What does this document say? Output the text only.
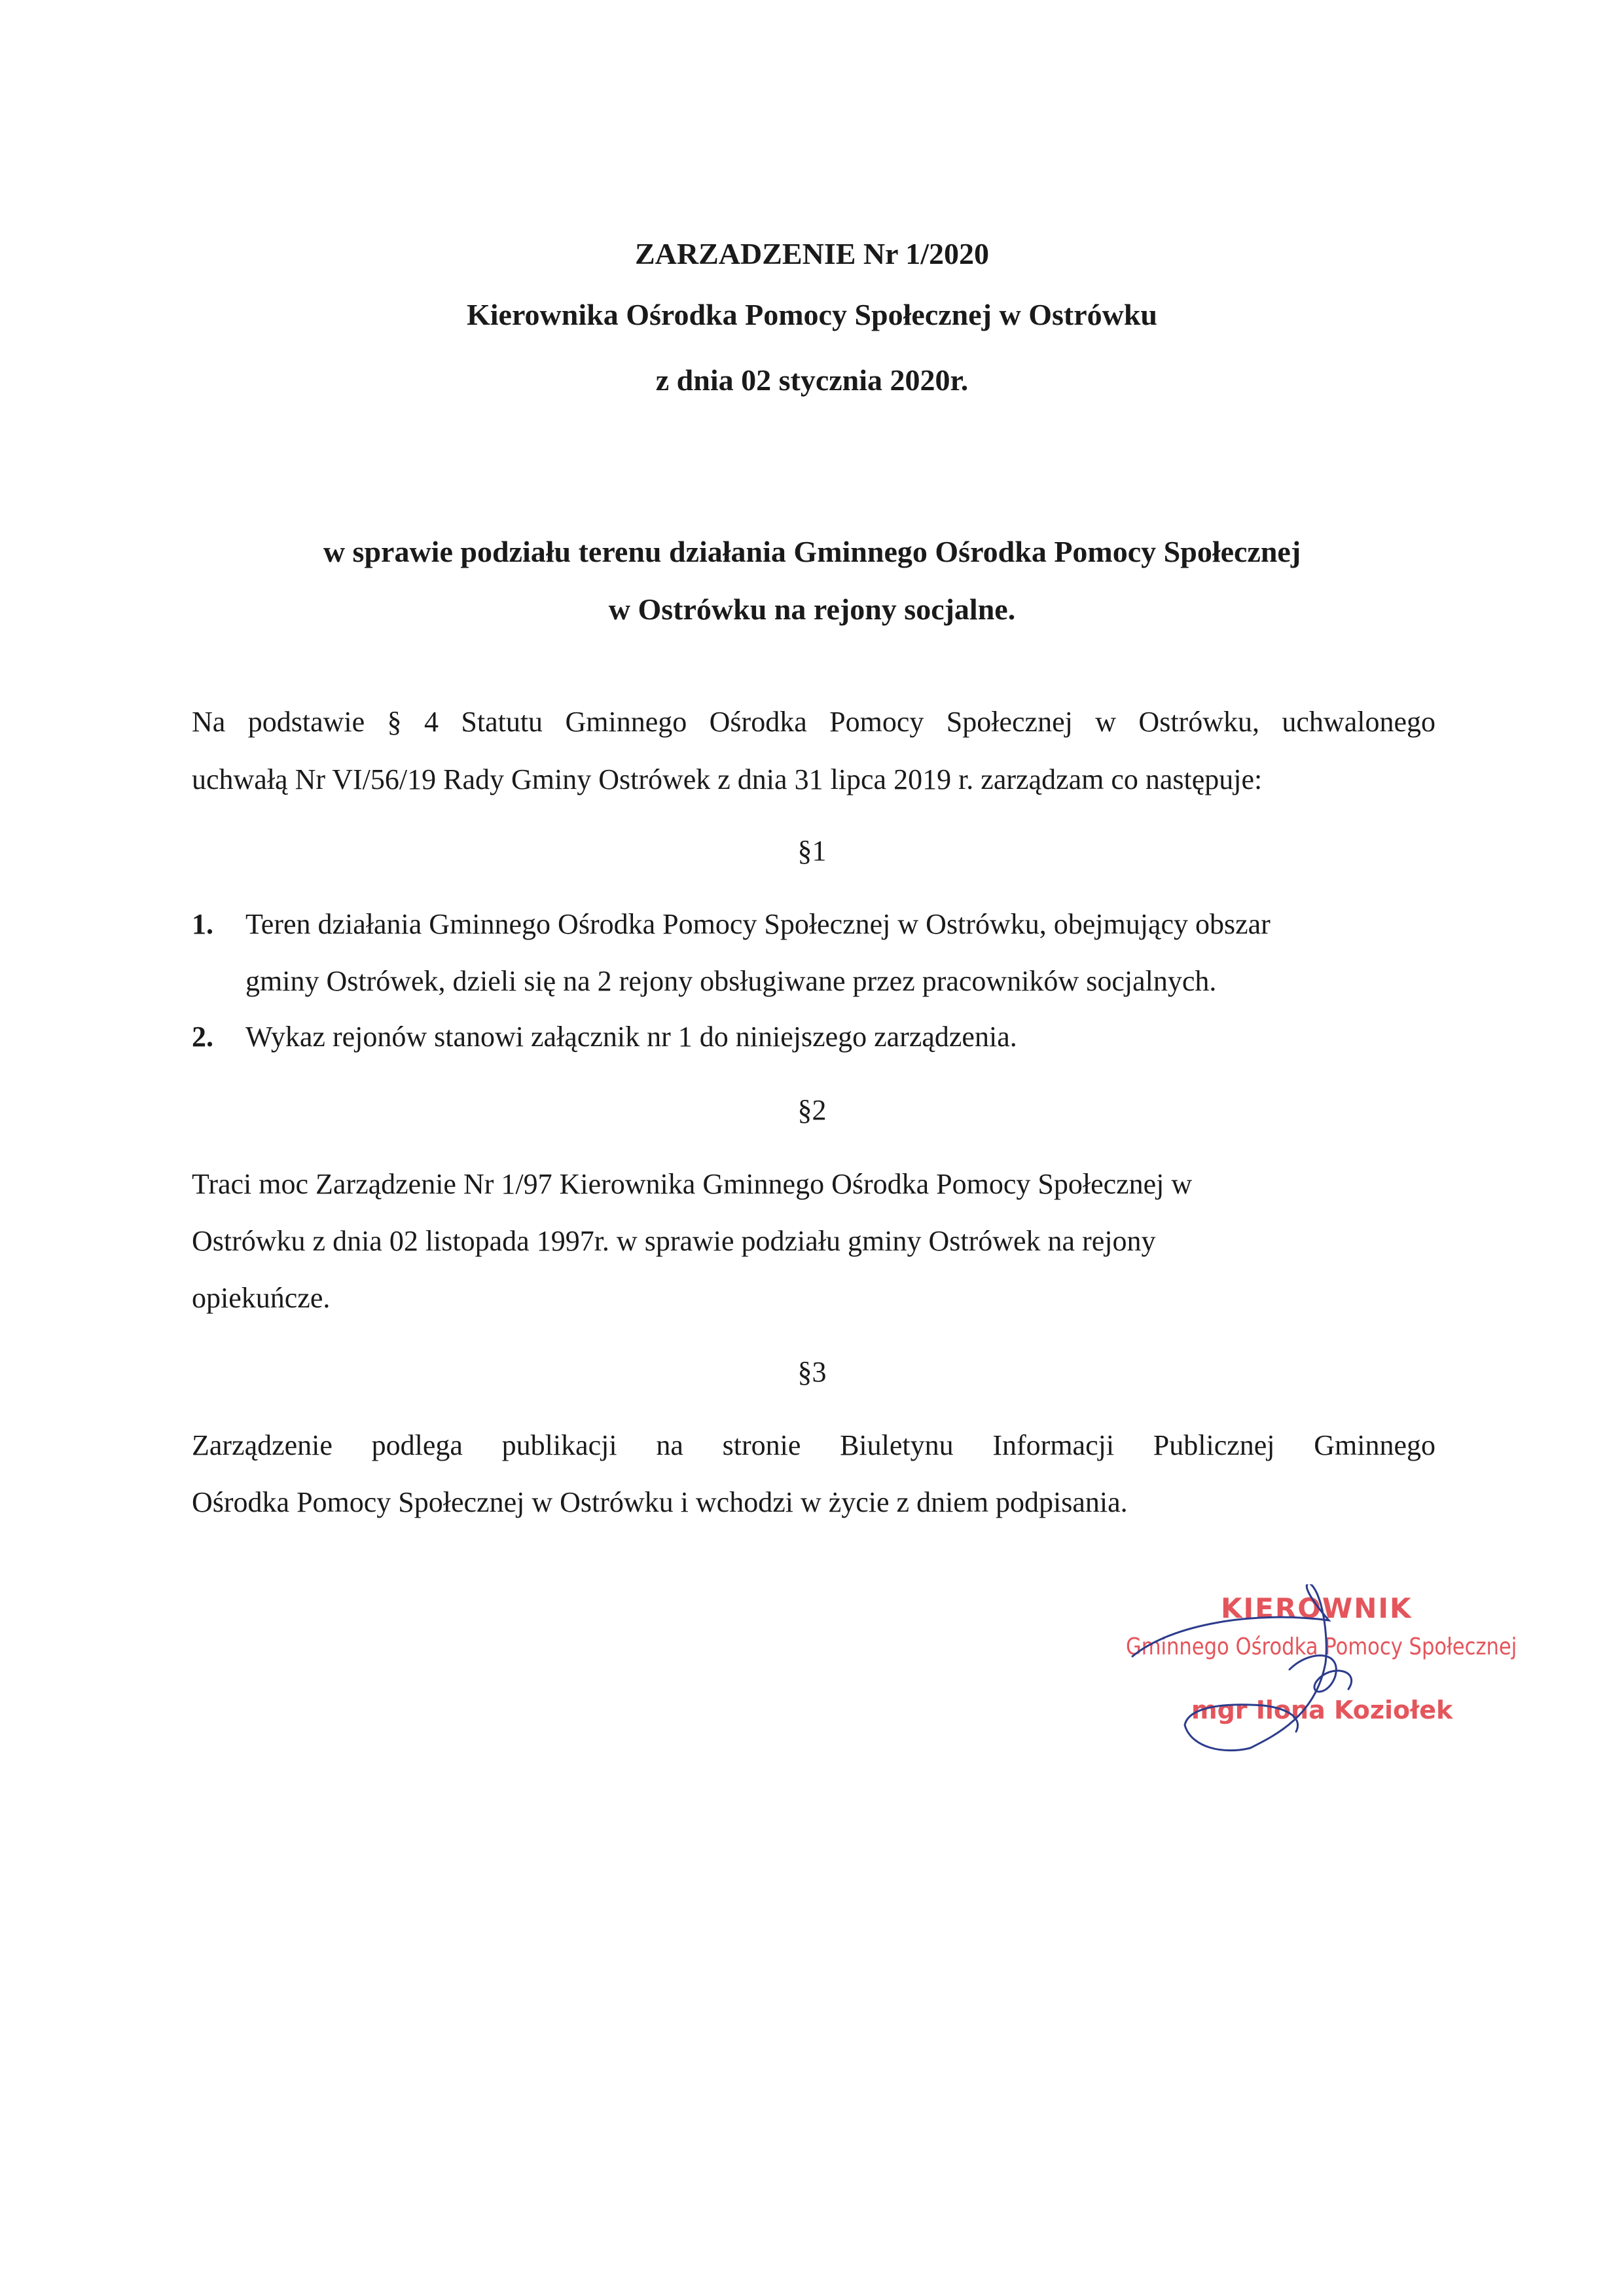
ZARZADZENIE Nr 1/2020

Kierownika Ośrodka Pomocy Społecznej w Ostrówku

z dnia 02 stycznia 2020r.

w sprawie podziału terenu działania Gminnego Ośrodka Pomocy Społecznej

w Ostrówku na rejony socjalne.

Na podstawie § 4 Statutu Gminnego Ośrodka Pomocy Społecznej w Ostrówku, uchwalonego

uchwałą Nr VI/56/19 Rady Gminy Ostrówek z dnia 31 lipca 2019 r. zarządzam co następuje:

§1

1.	Teren działania Gminnego Ośrodka Pomocy Społecznej w Ostrówku, obejmujący obszar

gminy Ostrówek, dzieli się na 2 rejony obsługiwane przez pracowników socjalnych.

2.	Wykaz rejonów stanowi załącznik nr 1 do niniejszego zarządzenia.

§2

Traci moc Zarządzenie Nr 1/97 Kierownika Gminnego Ośrodka Pomocy Społecznej w

Ostrówku z dnia 02 listopada 1997r. w sprawie podziału gminy Ostrówek na rejony

opiekuńcze.

§3

Zarządzenie podlega publikacji na stronie Biuletynu Informacji Publicznej Gminnego

Ośrodka Pomocy Społecznej w Ostrówku i wchodzi w życie z dniem podpisania.

KIEROWNIK

Gminnego Ośrodka Pomocy Społecznej

mgr Ilona Koziołek
